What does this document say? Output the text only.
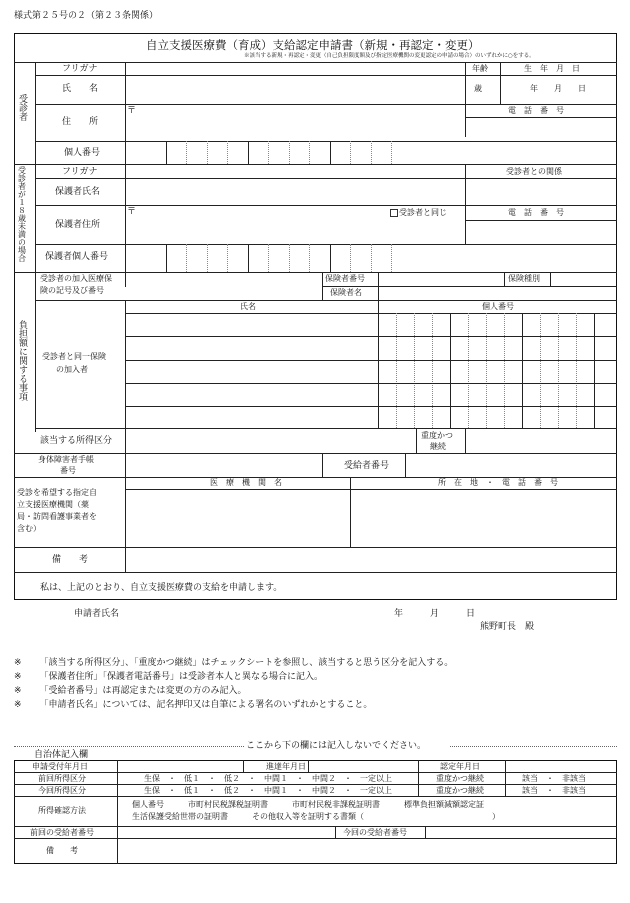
様式第２５号の２（第２３条関係）
自立支援医療費（育成）支給認定申請書（新規・再認定・変更）
※該当する新規・再認定・変更（自己負担限度額及び指定医療機関の変更認定の申請の場合）のいずれかに○をする。
受診者
フリガナ	年齢	生　年　月　日
氏　　名	歳	年　　月　　日
〒
住　　所
電　話　番　号
個人番号
受診者が１８歳未満の場合	フリガナ	受診者との関係
保護者氏名
〒	受診者と同じ
保護者住所
電　話　番　号
保護者個人番号
負担額に関する事項
受診者の加入医療保
険の記号及び番号
保険者番号	保険種別
保険者名
氏名	個人番号
受診者と同一保険
の加入者
該当する所得区分
重度かつ
継続
身体障害者手帳
番号	受給者番号
受診を希望する指定自
立支援医療機関（薬
局・訪問看護事業者を
含む）
医　療　機　関　名	所　在　地　・　電　話　番　号
備　　考
私は、上記のとおり、自立支援医療費の支給を申請します。
申請者氏名	年　　　月　　　日
熊野町長　殿
※ 「該当する所得区分」、「重度かつ継続」はチェックシートを参照し、該当すると思う区分を記入する。
※ 「保護者住所」「保護者電話番号」は受診者本人と異なる場合に記入。
※ 「受給者番号」は再認定または変更の方のみ記入。
※ 「申請者氏名」については、記名押印又は自筆による署名のいずれかとすること。
ここから下の欄には記入しないでください。
自治体記入欄
申請受付年月日	進達年月日	認定年月日
前回所得区分	生保　・　低１　・　低２　・　中間１　・　中間２　・　一定以上	重度かつ継続	該当　・　非該当
今回所得区分	生保　・　低１　・　低２　・　中間１　・　中間２　・　一定以上	重度かつ継続	該当　・　非該当
所得確認方法
個人番号　　　市町村民税課税証明書　　　市町村民税非課税証明書　　　標準負担額減額認定証
生活保護受給世帯の証明書　　　その他収入等を証明する書類（　　　　　　　　　　　　　　　　）
前回の受給者番号	今回の受給者番号
備　　考
